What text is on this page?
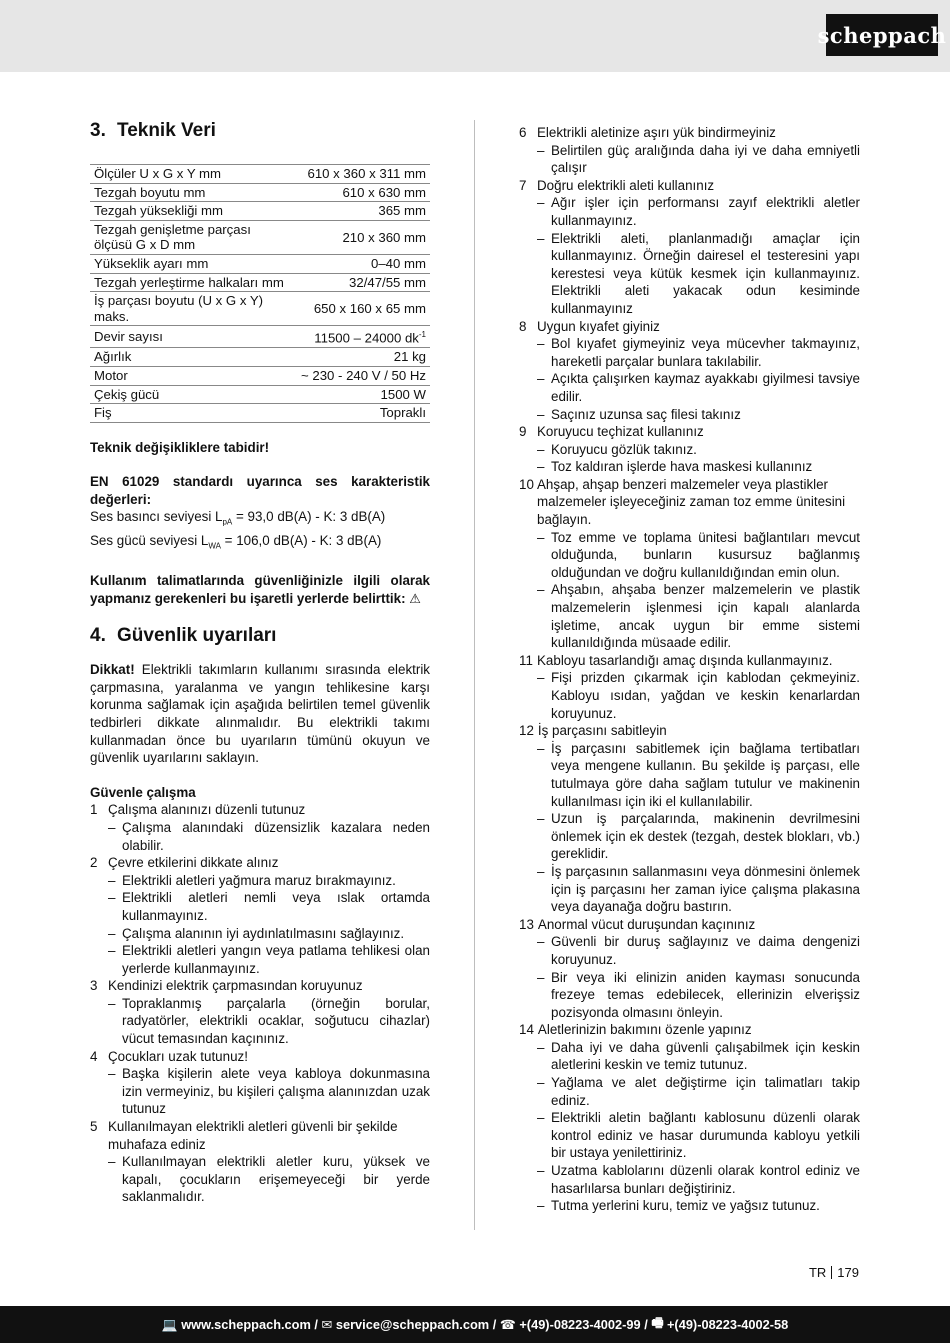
scheppach
3. Teknik Veri
Ölçüler U x G x Y mm	610 x 360 x 311 mm
Tezgah boyutu mm	610 x 630 mm
Tezgah yüksekliği mm	365 mm
Tezgah genişletme parçası ölçüsü G x D mm	210 x 360 mm
Yükseklik ayarı mm	0–40 mm
Tezgah yerleştirme halkaları mm	32/47/55 mm
İş parçası boyutu (U x G x Y) maks.	650 x 160 x 65 mm
Devir sayısı	11500 – 24000 $dk^{-1}$
Ağırlık	21 kg
Motor	~ 230 - 240 V / 50 Hz
Çekiş gücü	1500 W
Fiş	Topraklı

Teknik değişikliklere tabidir!

EN 61029 standardı uyarınca ses karakteristik değerleri:

Ses basıncı seviyesi $L_{pA} = 93,0$ dB(A) - K: 3 dB(A)

Ses gücü seviyesi $L_{WA} = 106,0$ dB(A) - K: 3 dB(A)

Kullanım talimatlarında güvenliğinizle ilgili olarak yapmanız gerekenleri bu işaretli yerlerde belirttik: ⚠

4. Güvenlik uyarıları

Dikkat! Elektrikli takımların kullanımı sırasında elektrik çarpmasına, yaralanma ve yangın tehlikesine karşı korunma sağlamak için aşağıda belirtilen temel güvenlik tedbirleri dikkate alınmalıdır. Bu elektrikli takımı kullanmadan önce bu uyarıların tümünü okuyun ve güvenlik uyarılarını saklayın.

Güvenle çalışma

1 Çalışma alanınızı düzenli tutunuz
– Çalışma alanındaki düzensizlik kazalara neden olabilir.
2 Çevre etkilerini dikkate alınız
– Elektrikli aletleri yağmura maruz bırakmayınız.
– Elektrikli aletleri nemli veya ıslak ortamda kullanmayınız.
– Çalışma alanının iyi aydınlatılmasını sağlayınız.
– Elektrikli aletleri yangın veya patlama tehlikesi olan yerlerde kullanmayınız.
3 Kendinizi elektrik çarpmasından koruyunuz
– Topraklanmış parçalarla (örneğin borular, radyatörler, elektrikli ocaklar, soğutucu cihazlar) vücut temasından kaçınınız.
4 Çocukları uzak tutunuz!
– Başka kişilerin alete veya kabloya dokunmasına izin vermeyiniz, bu kişileri çalışma alanınızdan uzak tutunuz
5 Kullanılmayan elektrikli aletleri güvenli bir şekilde muhafaza ediniz
– Kullanılmayan elektrikli aletler kuru, yüksek ve kapalı, çocukların erişemeyeceği bir yerde saklanmalıdır.
6 Elektrikli aletinize aşırı yük bindirmeyiniz
– Belirtilen güç aralığında daha iyi ve daha emniyetli çalışır
7 Doğru elektrikli aleti kullanınız
– Ağır işler için performansı zayıf elektrikli aletler kullanmayınız.
– Elektrikli aleti, planlanmadığı amaçlar için kullanmayınız. Örneğin dairesel el testeresini yapı kerestesi veya kütük kesmek için kullanmayınız. Elektrikli aleti yakacak odun kesiminde kullanmayınız
8 Uygun kıyafet giyiniz
– Bol kıyafet giymeyiniz veya mücevher takmayınız, hareketli parçalar bunlara takılabilir.
– Açıkta çalışırken kaymaz ayakkabı giyilmesi tavsiye edilir.
– Saçınız uzunsa saç filesi takınız
9 Koruyucu teçhizat kullanınız
– Koruyucu gözlük takınız.
– Toz kaldıran işlerde hava maskesi kullanınız
10 Ahşap, ahşap benzeri malzemeler veya plastikler malzemeler işleyeceğiniz zaman toz emme ünitesini bağlayın.
– Toz emme ve toplama ünitesi bağlantıları mevcut olduğunda, bunların kusursuz bağlanmış olduğundan ve doğru kullanıldığından emin olun.
– Ahşabın, ahşaba benzer malzemelerin ve plastik malzemelerin işlenmesi için kapalı alanlarda işletime, ancak uygun bir emme sistemi kullanıldığında müsaade edilir.
11 Kabloyu tasarlandığı amaç dışında kullanmayınız.
– Fişi prizden çıkarmak için kablodan çekmeyiniz. Kabloyu ısıdan, yağdan ve keskin kenarlardan koruyunuz.
12 İş parçasını sabitleyin
– İş parçasını sabitlemek için bağlama tertibatları veya mengene kullanın. Bu şekilde iş parçası, elle tutulmaya göre daha sağlam tutulur ve makinenin kullanılması için iki el kullanılabilir.
– Uzun iş parçalarında, makinenin devrilmesini önlemek için ek destek (tezgah, destek blokları, vb.) gereklidir.
– İş parçasının sallanmasını veya dönmesini önlemek için iş parçasını her zaman iyice çalışma plakasına veya dayanağa doğru bastırın.
13 Anormal vücut duruşundan kaçınınız
– Güvenli bir duruş sağlayınız ve daima dengenizi koruyunuz.
– Bir veya iki elinizin aniden kayması sonucunda frezeye temas edebilecek, ellerinizin elverişsiz pozisyonda olmasını önleyin.
14 Aletlerinizin bakımını özenle yapınız
– Daha iyi ve daha güvenli çalışabilmek için keskin aletlerini keskin ve temiz tutunuz.
– Yağlama ve alet değiştirme için talimatları takip ediniz.
– Elektrikli aletin bağlantı kablosunu düzenli olarak kontrol ediniz ve hasar durumunda kabloyu yetkili bir ustaya yenilettiriniz.
– Uzatma kablolarını düzenli olarak kontrol ediniz ve hasarlılarsa bunları değiştiriniz.
– Tutma yerlerini kuru, temiz ve yağsız tutunuz.
TR 179
💻 www.scheppach.com / ✉ service@scheppach.com / ☎ +(49)-08223-4002-99 / 🖷 +(49)-08223-4002-58
